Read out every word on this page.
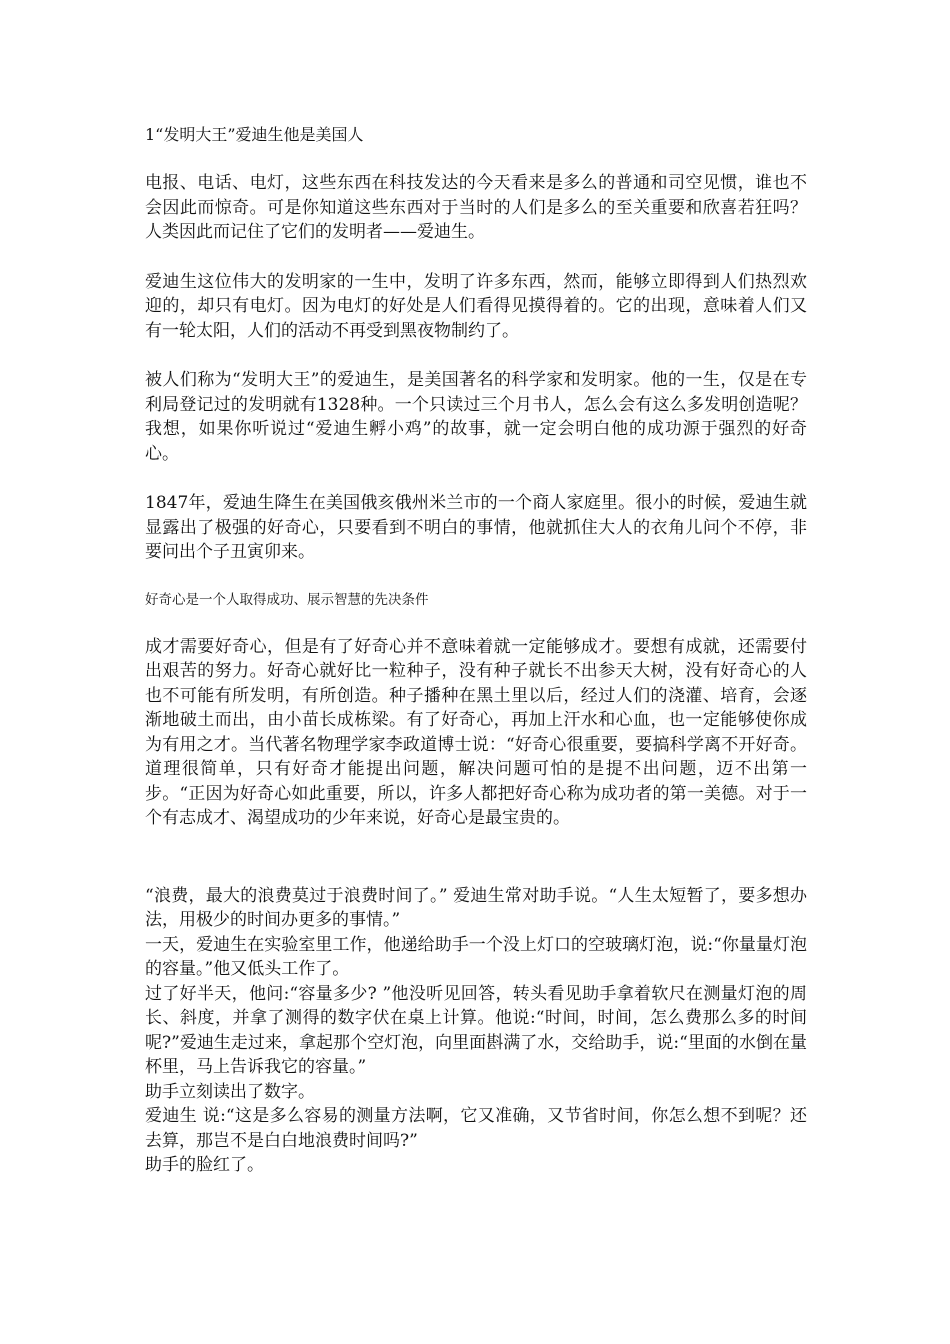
1“发明大王”爱迪生他是美国人

电报、电话、电灯，这些东西在科技发达的今天看来是多么的普通和司空见惯，谁也不会因此而惊奇。可是你知道这些东西对于当时的人们是多么的至关重要和欣喜若狂吗？人类因此而记住了它们的发明者——爱迪生。

爱迪生这位伟大的发明家的一生中，发明了许多东西，然而，能够立即得到人们热烈欢迎的，却只有电灯。因为电灯的好处是人们看得见摸得着的。它的出现，意味着人们又有一轮太阳，人们的活动不再受到黑夜物制约了。

被人们称为“发明大王”的爱迪生，是美国著名的科学家和发明家。他的一生，仅是在专利局登记过的发明就有1328种。一个只读过三个月书人，怎么会有这么多发明创造呢？我想，如果你听说过“爱迪生孵小鸡”的故事，就一定会明白他的成功源于强烈的好奇心。

1847年，爱迪生降生在美国俄亥俄州米兰市的一个商人家庭里。很小的时候，爱迪生就显露出了极强的好奇心，只要看到不明白的事情，他就抓住大人的衣角儿问个不停，非要问出个子丑寅卯来。

好奇心是一个人取得成功、展示智慧的先决条件

成才需要好奇心，但是有了好奇心并不意味着就一定能够成才。要想有成就，还需要付出艰苦的努力。好奇心就好比一粒种子，没有种子就长不出参天大树，没有好奇心的人也不可能有所发明，有所创造。种子播种在黑土里以后，经过人们的浇灌、培育，会逐渐地破土而出，由小苗长成栋梁。有了好奇心，再加上汗水和心血，也一定能够使你成为有用之才。当代著名物理学家李政道博士说：“好奇心很重要，要搞科学离不开好奇。道理很简单，只有好奇才能提出问题，解决问题可怕的是提不出问题，迈不出第一步。“正因为好奇心如此重要，所以，许多人都把好奇心称为成功者的第一美德。对于一个有志成才、渴望成功的少年来说，好奇心是最宝贵的。

“浪费，最大的浪费莫过于浪费时间了。” 爱迪生常对助手说。“人生太短暂了，要多想办法，用极少的时间办更多的事情。”

一天，爱迪生在实验室里工作，他递给助手一个没上灯口的空玻璃灯泡，说:“你量量灯泡的容量。”他又低头工作了。

过了好半天，他问:“容量多少? ”他没听见回答，转头看见助手拿着软尺在测量灯泡的周长、斜度，并拿了测得的数字伏在桌上计算。他说:“时间，时间，怎么费那么多的时间呢?”爱迪生走过来，拿起那个空灯泡，向里面斟满了水，交给助手，说:“里面的水倒在量杯里，马上告诉我它的容量。”

助手立刻读出了数字。

爱迪生 说:“这是多么容易的测量方法啊，它又准确，又节省时间，你怎么想不到呢？还去算，那岂不是白白地浪费时间吗?”

助手的脸红了。
